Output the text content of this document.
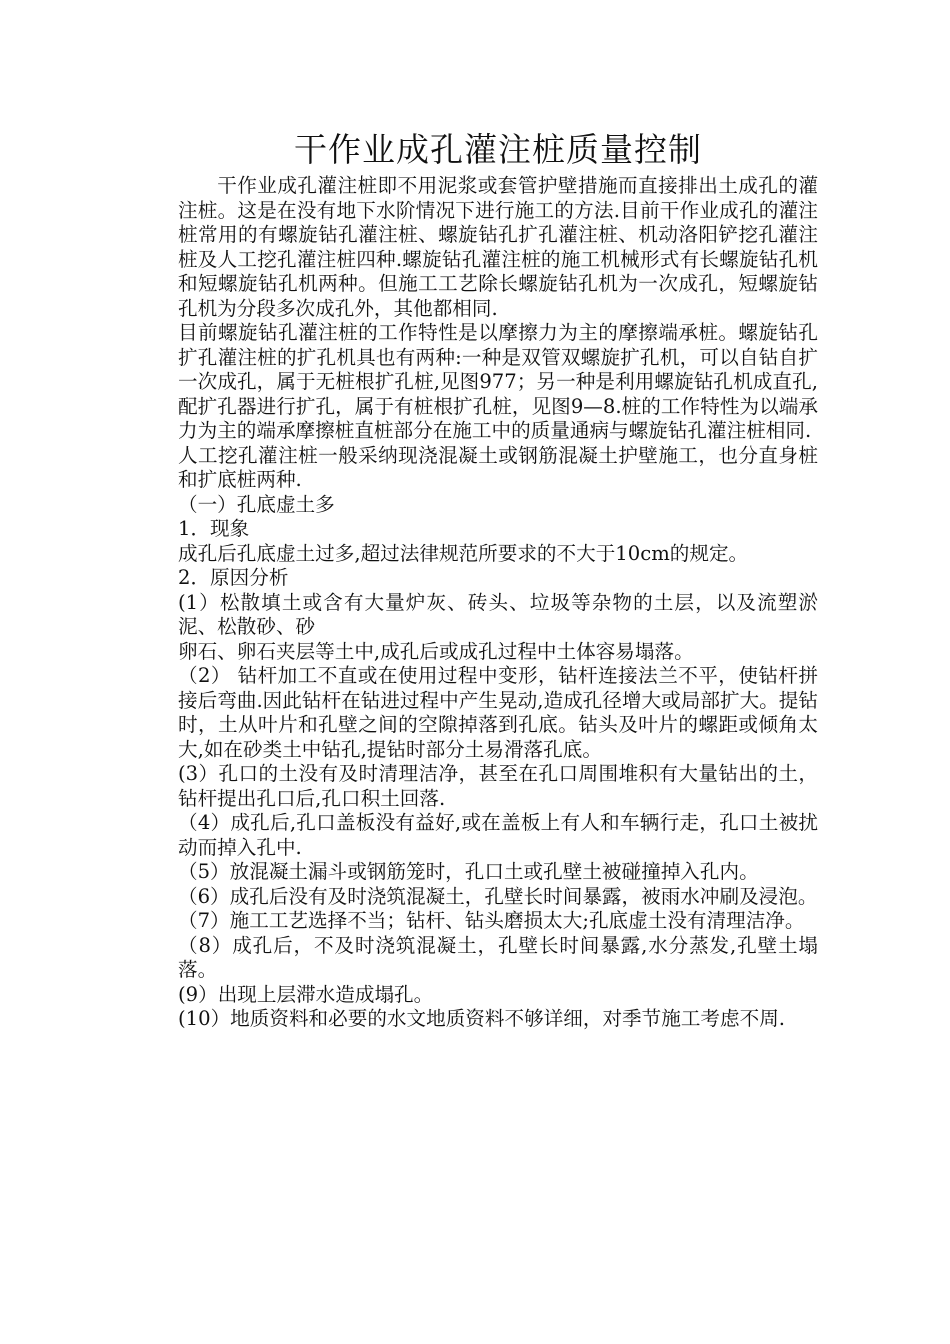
干作业成孔灌注桩质量控制

干作业成孔灌注桩即不用泥浆或套管护壁措施而直接排出土成孔的灌注桩。这是在没有地下水阶情况下进行施工的方法.目前干作业成孔的灌注桩常用的有螺旋钻孔灌注桩、螺旋钻孔扩孔灌注桩、机动洛阳铲挖孔灌注桩及人工挖孔灌注桩四种.螺旋钻孔灌注桩的施工机械形式有长螺旋钻孔机和短螺旋钻孔机两种。但施工工艺除长螺旋钻孔机为一次成孔，短螺旋钻孔机为分段多次成孔外，其他都相同.

目前螺旋钻孔灌注桩的工作特性是以摩擦力为主的摩擦端承桩。螺旋钻孔扩孔灌注桩的扩孔机具也有两种:一种是双管双螺旋扩孔机，可以自钻自扩一次成孔，属于无桩根扩孔桩,见图977；另一种是利用螺旋钻孔机成直孔,配扩孔器进行扩孔，属于有桩根扩孔桩，见图9—8.桩的工作特性为以端承力为主的端承摩擦桩直桩部分在施工中的质量通病与螺旋钻孔灌注桩相同.

人工挖孔灌注桩一般采纳现浇混凝土或钢筋混凝土护壁施工，也分直身桩和扩底桩两种.

（一）孔底虚土多

1．现象

成孔后孔底虚土过多,超过法律规范所要求的不大于10cm的规定。

2．原因分析

(1）松散填土或含有大量炉灰、砖头、垃圾等杂物的土层，以及流塑淤泥、松散砂、砂

卵石、卵石夹层等土中,成孔后或成孔过程中土体容易塌落。

（2） 钻杆加工不直或在使用过程中变形，钻杆连接法兰不平，使钻杆拼接后弯曲.因此钻杆在钻进过程中产生晃动,造成孔径增大或局部扩大。提钻时，土从叶片和孔壁之间的空隙掉落到孔底。钻头及叶片的螺距或倾角太大,如在砂类土中钻孔,提钻时部分土易滑落孔底。

(3）孔口的土没有及时清理洁净，甚至在孔口周围堆积有大量钻出的土，钻杆提出孔口后,孔口积土回落.

（4）成孔后,孔口盖板没有益好,或在盖板上有人和车辆行走，孔口土被扰动而掉入孔中.

（5）放混凝土漏斗或钢筋笼时，孔口土或孔壁土被碰撞掉入孔内。

（6）成孔后没有及时浇筑混凝土，孔壁长时间暴露，被雨水冲刷及浸泡。

（7）施工工艺选择不当；钻杆、钻头磨损太大;孔底虚土没有清理洁净。

（8）成孔后，不及时浇筑混凝土，孔壁长时间暴露,水分蒸发,孔壁土塌落。

(9）出现上层滞水造成塌孔。

(10）地质资料和必要的水文地质资料不够详细，对季节施工考虑不周.
